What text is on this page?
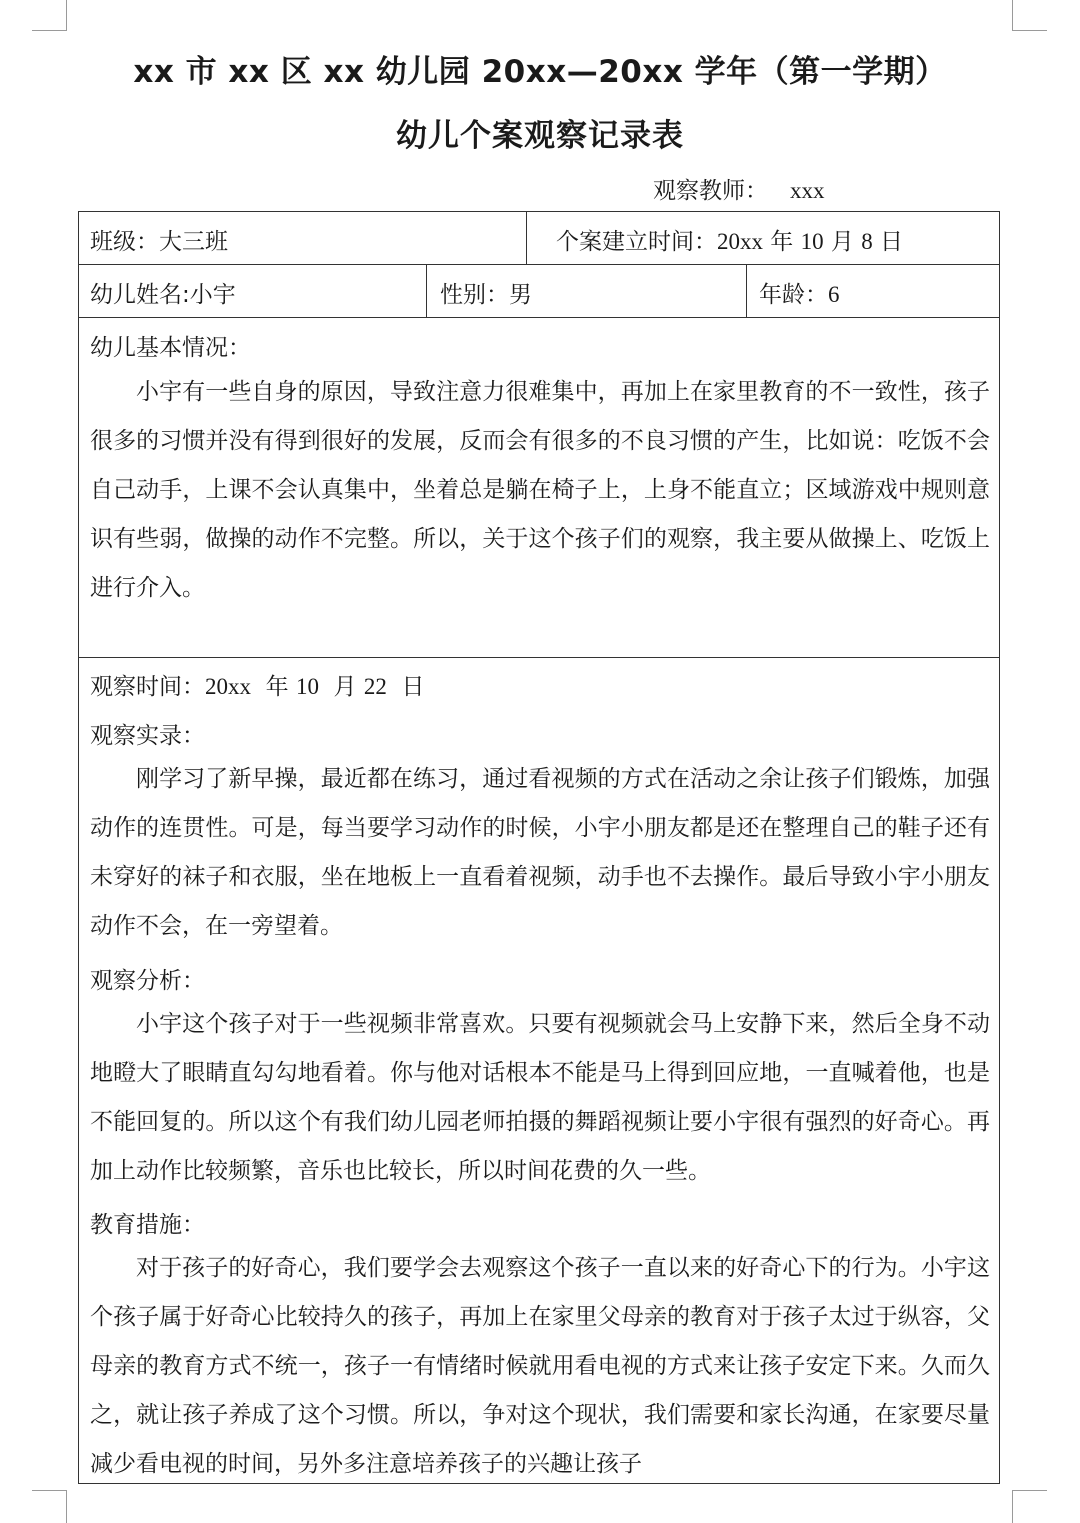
xx 市 xx 区 xx 幼儿园 20xx—20xx 学年（第一学期）
幼儿个案观察记录表
观察教师： xxx
班级：大三班	个案建立时间：20xx 年 10 月 8 日
幼儿姓名:小宇	性别：男	年龄：6
幼儿基本情况：

小宇有一些自身的原因，导致注意力很难集中，再加上在家里教育的不一致性，孩子很多的习惯并没有得到很好的发展，反而会有很多的不良习惯的产生，比如说：吃饭不会自己动手，上课不会认真集中，坐着总是躺在椅子上，上身不能直立；区域游戏中规则意识有些弱，做操的动作不完整。所以，关于这个孩子们的观察，我主要从做操上、吃饭上进行介入。

观察时间：20xx  年 10  月 22  日
观察实录：

刚学习了新早操，最近都在练习，通过看视频的方式在活动之余让孩子们锻炼，加强动作的连贯性。可是，每当要学习动作的时候，小宇小朋友都是还在整理自己的鞋子还有未穿好的袜子和衣服，坐在地板上一直看着视频，动手也不去操作。最后导致小宇小朋友动作不会，在一旁望着。

观察分析：

小宇这个孩子对于一些视频非常喜欢。只要有视频就会马上安静下来，然后全身不动地瞪大了眼睛直勾勾地看着。你与他对话根本不能是马上得到回应地，一直喊着他，也是不能回复的。所以这个有我们幼儿园老师拍摄的舞蹈视频让要小宇很有强烈的好奇心。再加上动作比较频繁，音乐也比较长，所以时间花费的久一些。

教育措施：

对于孩子的好奇心，我们要学会去观察这个孩子一直以来的好奇心下的行为。小宇这个孩子属于好奇心比较持久的孩子，再加上在家里父母亲的教育对于孩子太过于纵容，父母亲的教育方式不统一，孩子一有情绪时候就用看电视的方式来让孩子安定下来。久而久之，就让孩子养成了这个习惯。所以，争对这个现状，我们需要和家长沟通，在家要尽量减少看电视的时间，另外多注意培养孩子的兴趣让孩子
